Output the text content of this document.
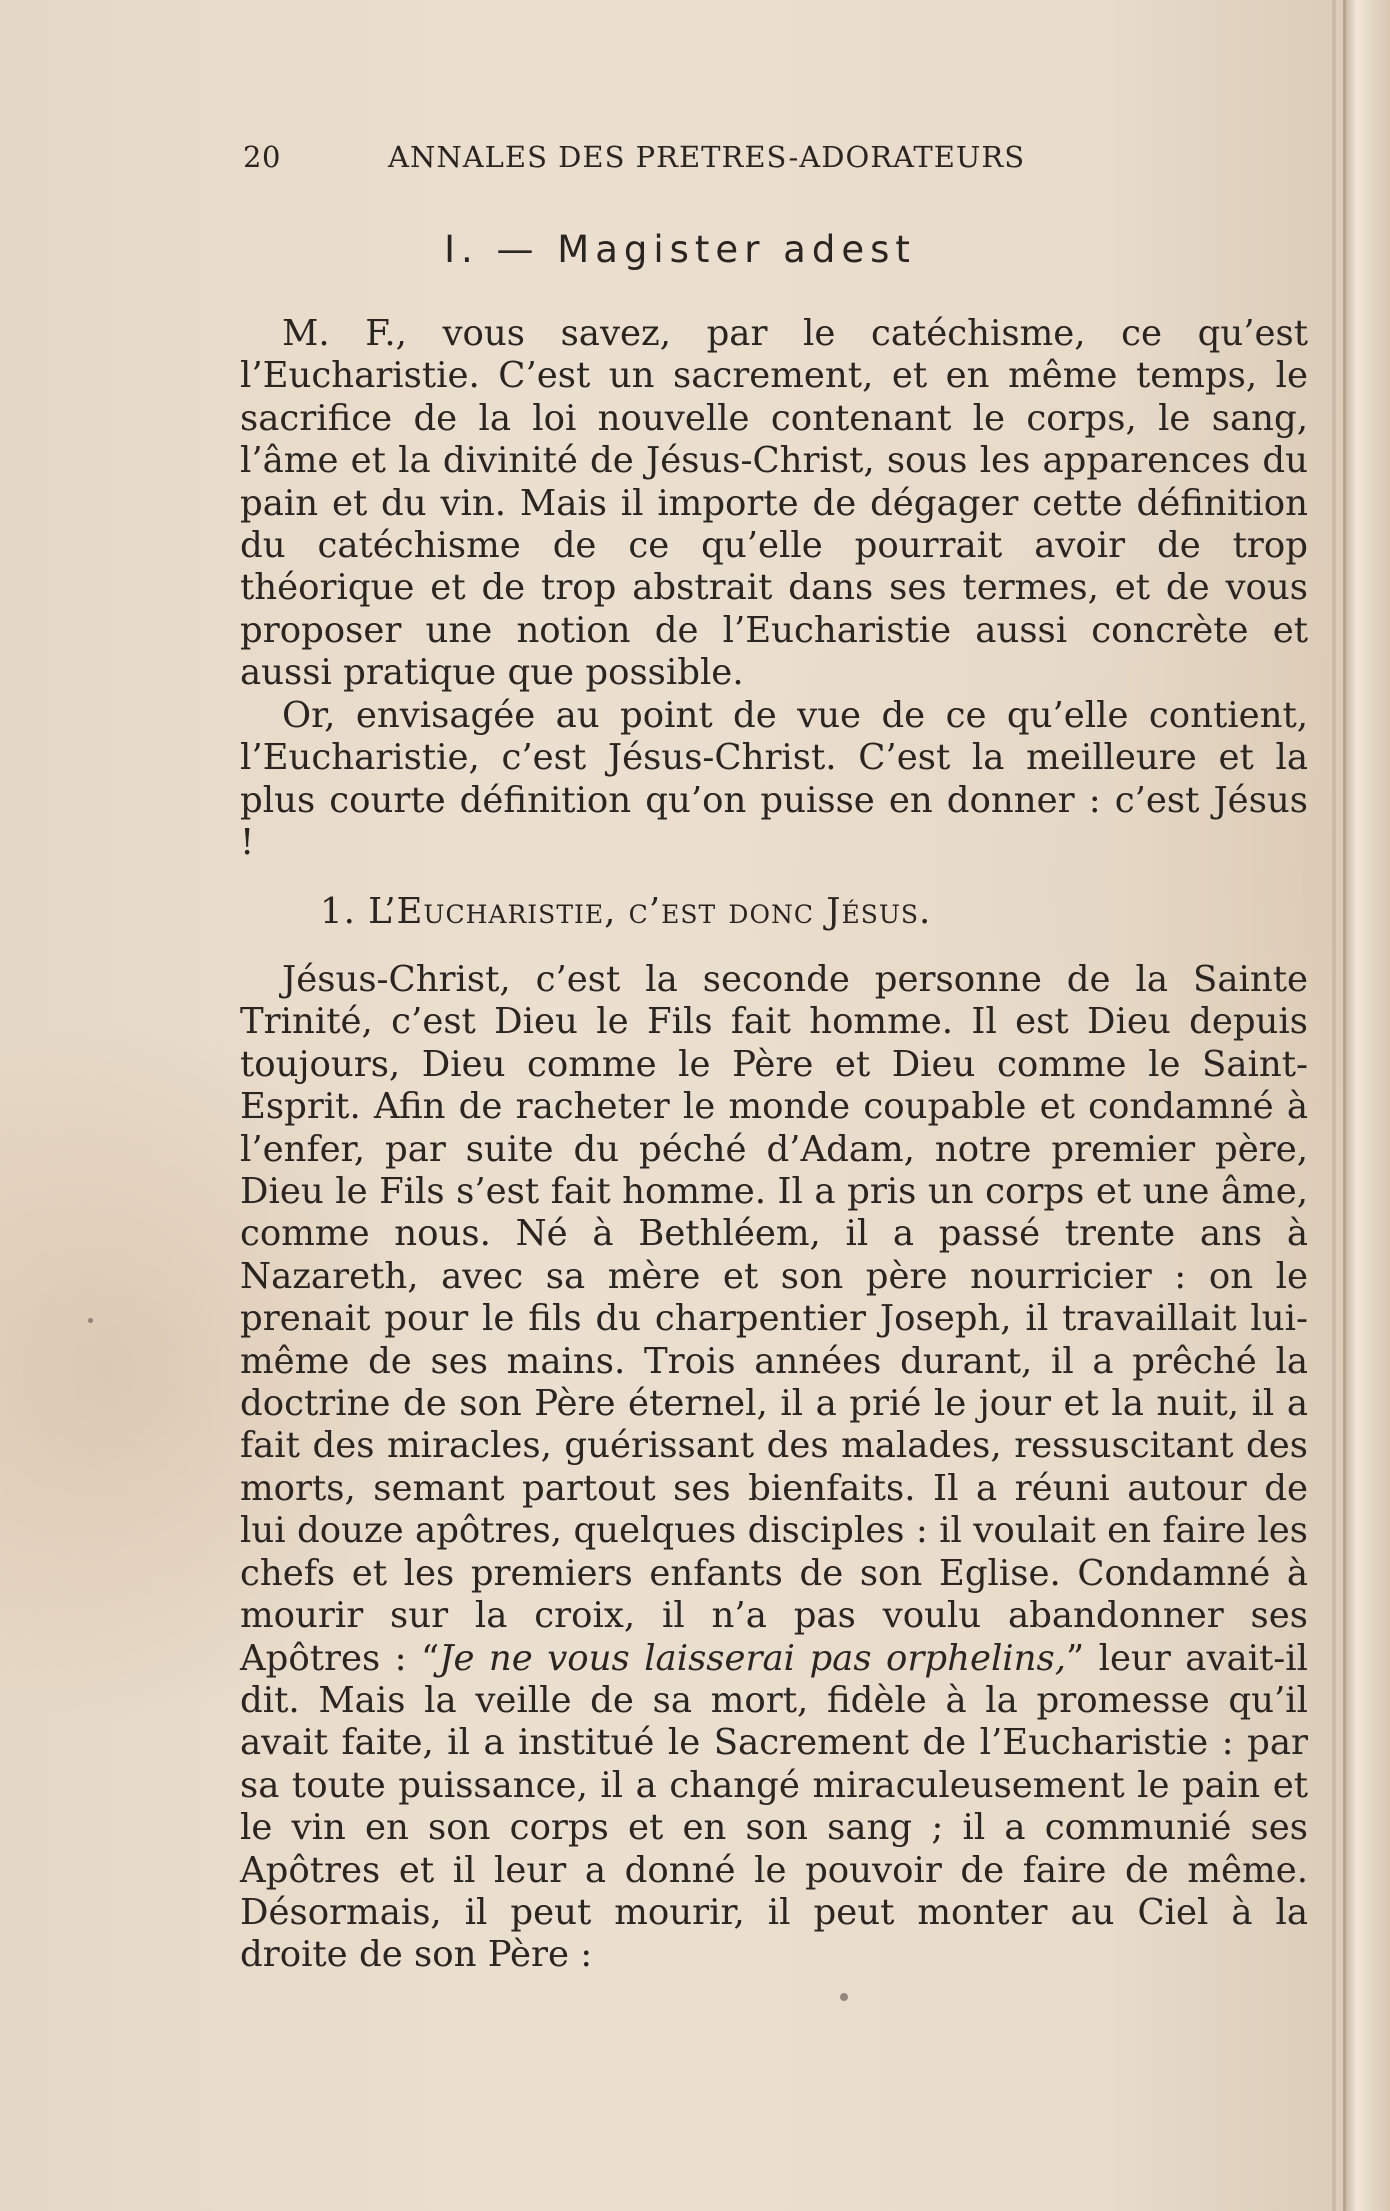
20	ANNALES DES PRETRES-ADORATEURS
I. — Magister adest

M. F., vous savez, par le catéchisme, ce qu’est l’Eucharistie. C’est un sacrement, et en même temps, le sacrifice de la loi nouvelle contenant le corps, le sang, l’âme et la divinité de Jésus-Christ, sous les apparences du pain et du vin. Mais il importe de dégager cette définition du catéchisme de ce qu’elle pourrait avoir de trop théorique et de trop abstrait dans ses termes, et de vous proposer une notion de l’Eucharistie aussi concrète et aussi pratique que possible.

Or, envisagée au point de vue de ce qu’elle contient, l’Eucharistie, c’est Jésus-Christ. C’est la meilleure et la plus courte définition qu’on puisse en donner : c’est Jésus !

1. L’Eucharistie, c’est donc Jésus.

Jésus-Christ, c’est la seconde personne de la Sainte Trinité, c’est Dieu le Fils fait homme. Il est Dieu depuis toujours, Dieu comme le Père et Dieu comme le Saint-Esprit. Afin de racheter le monde coupable et condamné à l’enfer, par suite du péché d’Adam, notre premier père, Dieu le Fils s’est fait homme. Il a pris un corps et une âme, comme nous. Né à Bethléem, il a passé trente ans à Nazareth, avec sa mère et son père nourricier : on le prenait pour le fils du charpentier Joseph, il travaillait lui-même de ses mains. Trois années durant, il a prêché la doctrine de son Père éternel, il a prié le jour et la nuit, il a fait des miracles, guérissant des malades, ressuscitant des morts, semant partout ses bienfaits. Il a réuni autour de lui douze apôtres, quelques disciples : il voulait en faire les chefs et les premiers enfants de son Eglise. Condamné à mourir sur la croix, il n’a pas voulu abandonner ses Apôtres : “Je ne vous laisserai pas orphelins,” leur avait-il dit. Mais la veille de sa mort, fidèle à la promesse qu’il avait faite, il a institué le Sacrement de l’Eucharistie : par sa toute puissance, il a changé miraculeusement le pain et le vin en son corps et en son sang ; il a communié ses Apôtres et il leur a donné le pouvoir de faire de même. Désormais, il peut mourir, il peut monter au Ciel à la droite de son Père :
